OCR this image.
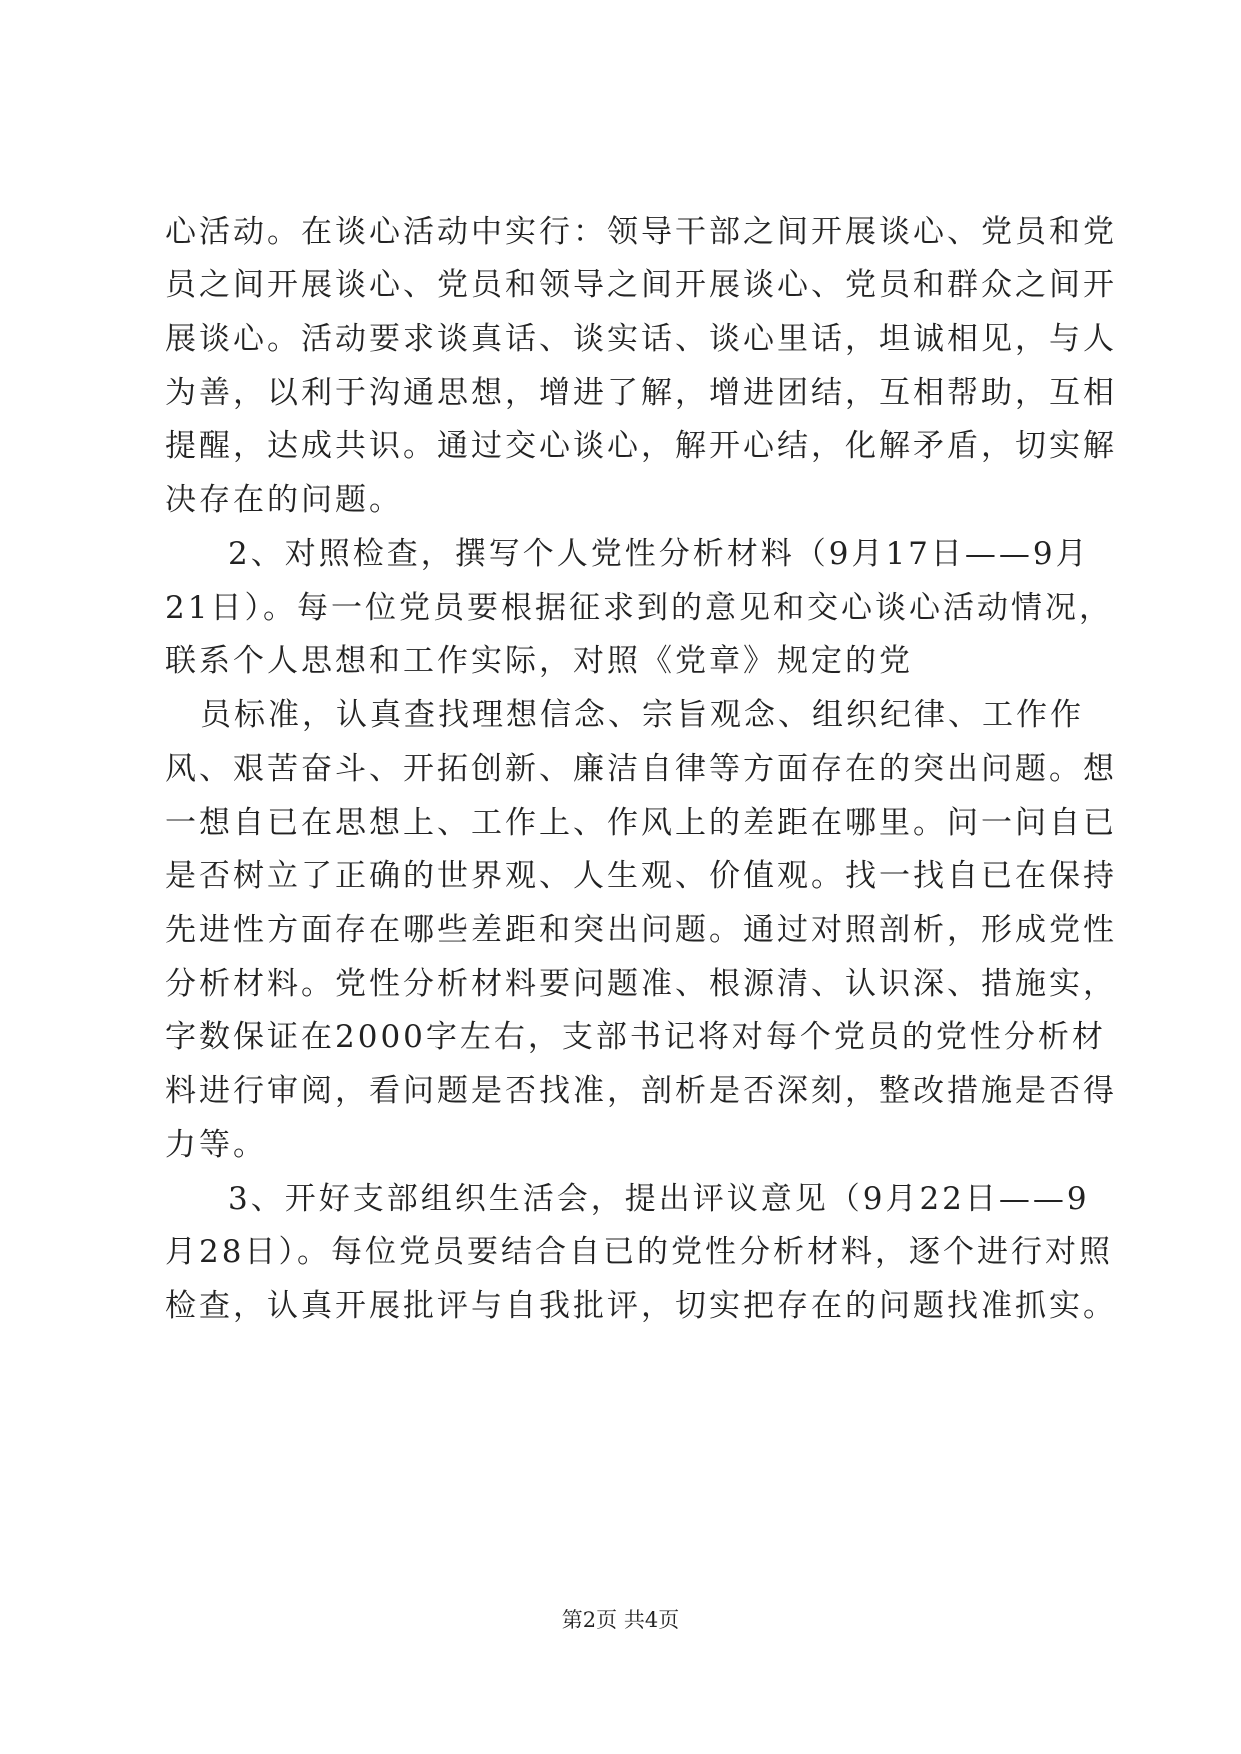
心活动。在谈心活动中实行：领导干部之间开展谈心、党员和党
员之间开展谈心、党员和领导之间开展谈心、党员和群众之间开
展谈心。活动要求谈真话、谈实话、谈心里话，坦诚相见，与人
为善，以利于沟通思想，增进了解，增进团结，互相帮助，互相
提醒，达成共识。通过交心谈心，解开心结，化解矛盾，切实解
决存在的问题。
2、对照检查，撰写个人党性分析材料（9月17日——9月
21日）。每一位党员要根据征求到的意见和交心谈心活动情况，
联系个人思想和工作实际，对照《党章》规定的党
员标准，认真查找理想信念、宗旨观念、组织纪律、工作作
风、艰苦奋斗、开拓创新、廉洁自律等方面存在的突出问题。想
一想自已在思想上、工作上、作风上的差距在哪里。问一问自已
是否树立了正确的世界观、人生观、价值观。找一找自已在保持
先进性方面存在哪些差距和突出问题。通过对照剖析，形成党性
分析材料。党性分析材料要问题准、根源清、认识深、措施实，
字数保证在2000字左右，支部书记将对每个党员的党性分析材
料进行审阅，看问题是否找准，剖析是否深刻，整改措施是否得
力等。
3、开好支部组织生活会，提出评议意见（9月22日——9
月28日）。每位党员要结合自已的党性分析材料，逐个进行对照
检查，认真开展批评与自我批评，切实把存在的问题找准抓实。
第2页 共4页
